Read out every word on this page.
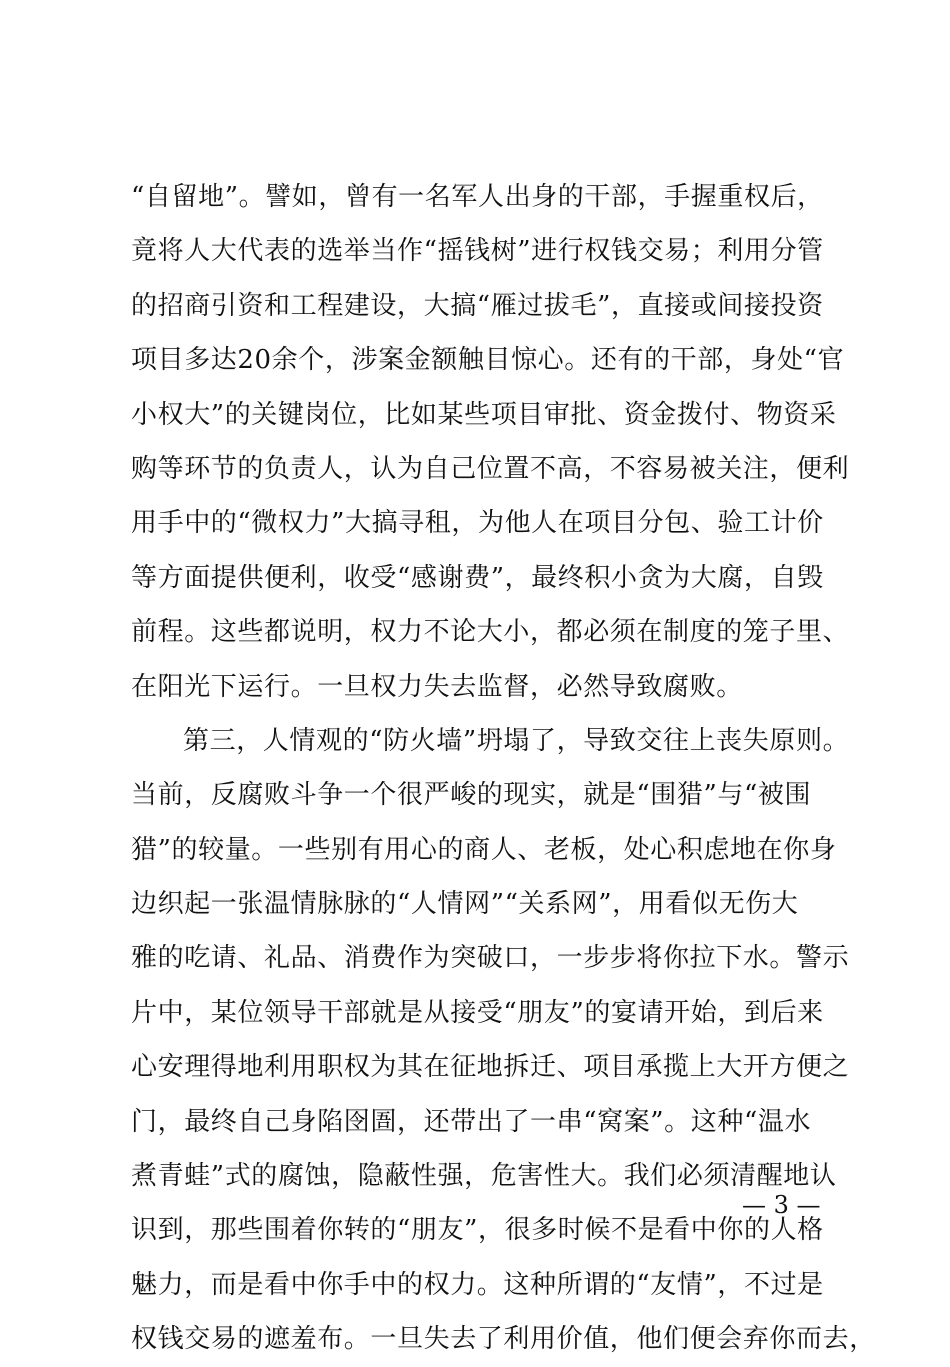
“自留地”。譬如，曾有一名军人出身的干部，手握重权后，
竟将人大代表的选举当作“摇钱树”进行权钱交易；利用分管
的招商引资和工程建设，大搞“雁过拔毛”，直接或间接投资
项目多达20余个，涉案金额触目惊心。还有的干部，身处“官
小权大”的关键岗位，比如某些项目审批、资金拨付、物资采
购等环节的负责人，认为自己位置不高，不容易被关注，便利
用手中的“微权力”大搞寻租，为他人在项目分包、验工计价
等方面提供便利，收受“感谢费”，最终积小贪为大腐，自毁
前程。这些都说明，权力不论大小，都必须在制度的笼子里、
在阳光下运行。一旦权力失去监督，必然导致腐败。
第三，人情观的“防火墙”坍塌了，导致交往上丧失原则。
当前，反腐败斗争一个很严峻的现实，就是“围猎”与“被围
猎”的较量。一些别有用心的商人、老板，处心积虑地在你身
边织起一张温情脉脉的“人情网”“关系网”，用看似无伤大
雅的吃请、礼品、消费作为突破口，一步步将你拉下水。警示
片中，某位领导干部就是从接受“朋友”的宴请开始，到后来
心安理得地利用职权为其在征地拆迁、项目承揽上大开方便之
门，最终自己身陷囹圄，还带出了一串“窝案”。这种“温水
煮青蛙”式的腐蚀，隐蔽性强，危害性大。我们必须清醒地认
识到，那些围着你转的“朋友”，很多时候不是看中你的人格
魅力，而是看中你手中的权力。这种所谓的“友情”，不过是
权钱交易的遮羞布。一旦失去了利用价值，他们便会弃你而去，
— 3 —
